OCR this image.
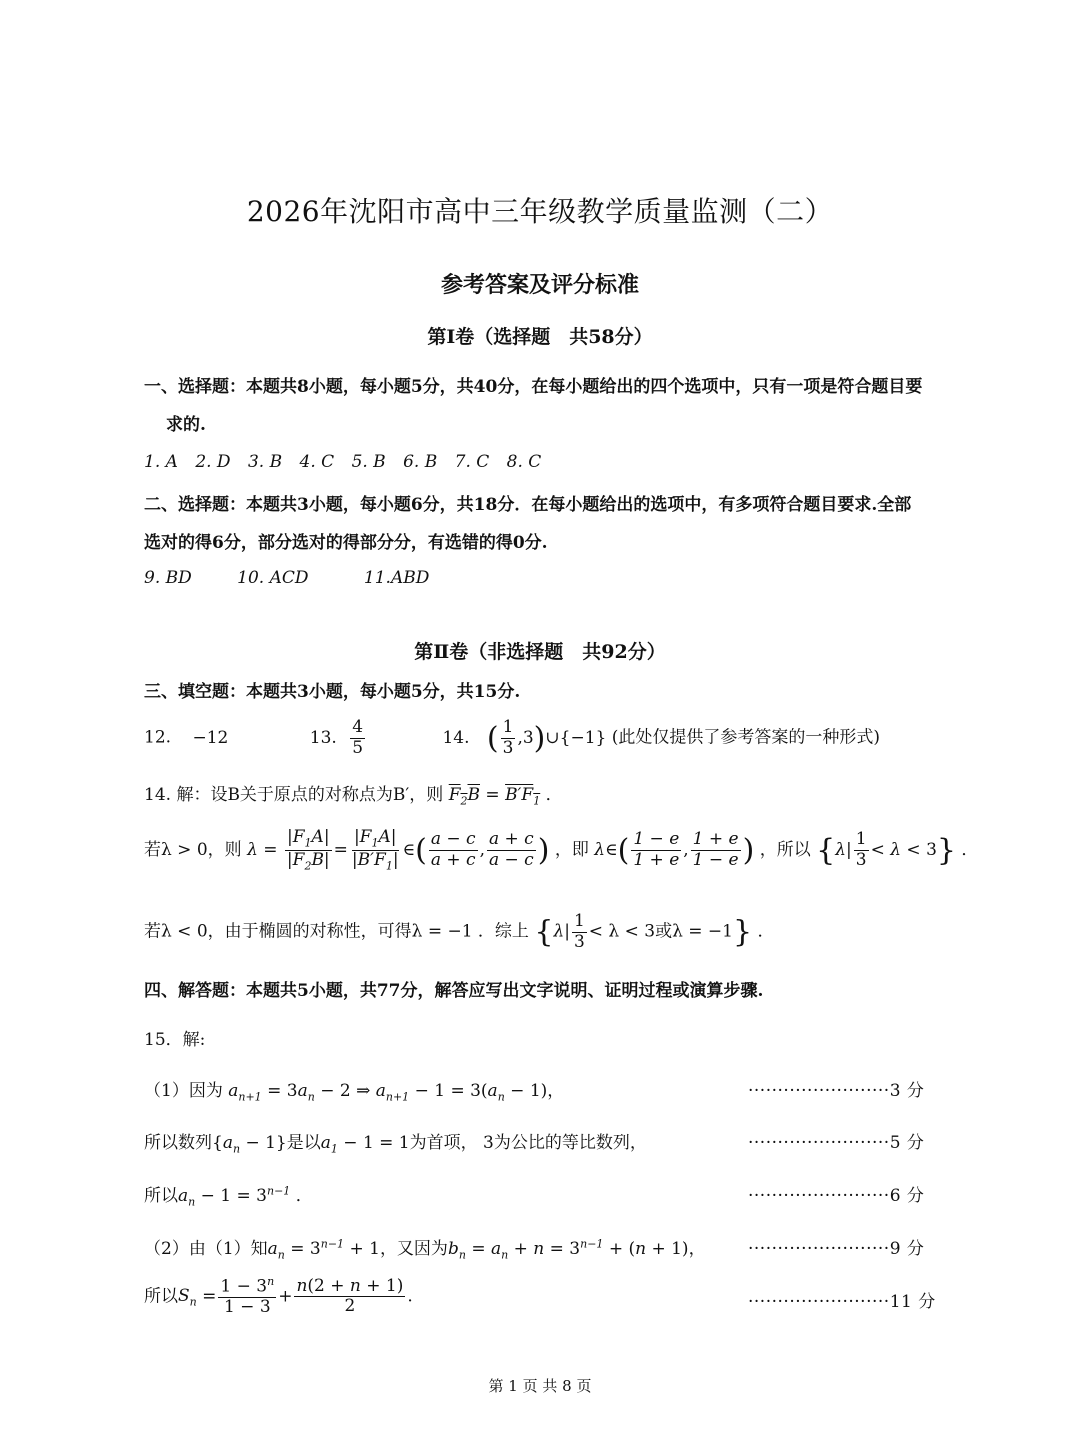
2026年沈阳市高中三年级教学质量监测（二）
参考答案及评分标准
第Ⅰ卷（选择题　共58分）
一、选择题：本题共8小题，每小题5分，共40分，在每小题给出的四个选项中，只有一项是符合题目要
求的.
1. A 2. D 3. B 4. C 5. B 6. B 7. C 8. C
二、选择题：本题共3小题，每小题6分，共18分．在每小题给出的选项中，有多项符合题目要求.全部
选对的得6分，部分选对的得部分分，有选错的得0分.
9. BD	10. ACD	11.ABD
第Ⅱ卷（非选择题　共92分）
三、填空题：本题共3小题，每小题5分，共15分.
12. −12	13. $\frac{4}{5}$	14. ( $\frac{1}{3}$ ,3)∪{−1} (此处仅提供了参考答案的一种形式)
14. 解：设B关于原点的对称点为B′，则 $F_2B = B'F_1$ ．
若λ > 0，则 $\lambda = \frac{|F_1A|}{|F_2B|} = \frac{|F_1A|}{|B'F_1|}$ ∈( $\frac{a - c}{a + c}$ , $\frac{a + c}{a - c}$ ) ，即 λ∈( $\frac{1 - e}{1 + e}$ , $\frac{1 + e}{1 - e}$ ) ，所以 $\{\lambda| \frac{1}{3} < \lambda < 3\}$ ．
若λ < 0，由于椭圆的对称性，可得λ = −1 ．综上 {$\lambda| \frac{1}{3} < \lambda < 3$或λ = −1} ．
四、解答题：本题共5小题，共77分，解答应写出文字说明、证明过程或演算步骤.
15．解:
（1）因为 $a_{n+1} = 3a_n - 2$ ⇒ $a_{n+1} - 1 = 3(a_n - 1)$，	························3 分
所以数列$\{a_n - 1\}$是以$a_1 - 1 = 1$为首项， 3为公比的等比数列，	························5 分
所以$a_n - 1 = 3^{n-1}$ ．	························6 分
（2）由（1）知$a_n = 3^{n-1} + 1$，又因为$b_n = a_n + n = 3^{n-1} + (n + 1)$， ························9 分
所以$S_n = \frac{1 - 3^n}{1 - 3} + \frac{n(2 + n + 1)}{2}$ .	························11 分
第 1 页 共 8 页
